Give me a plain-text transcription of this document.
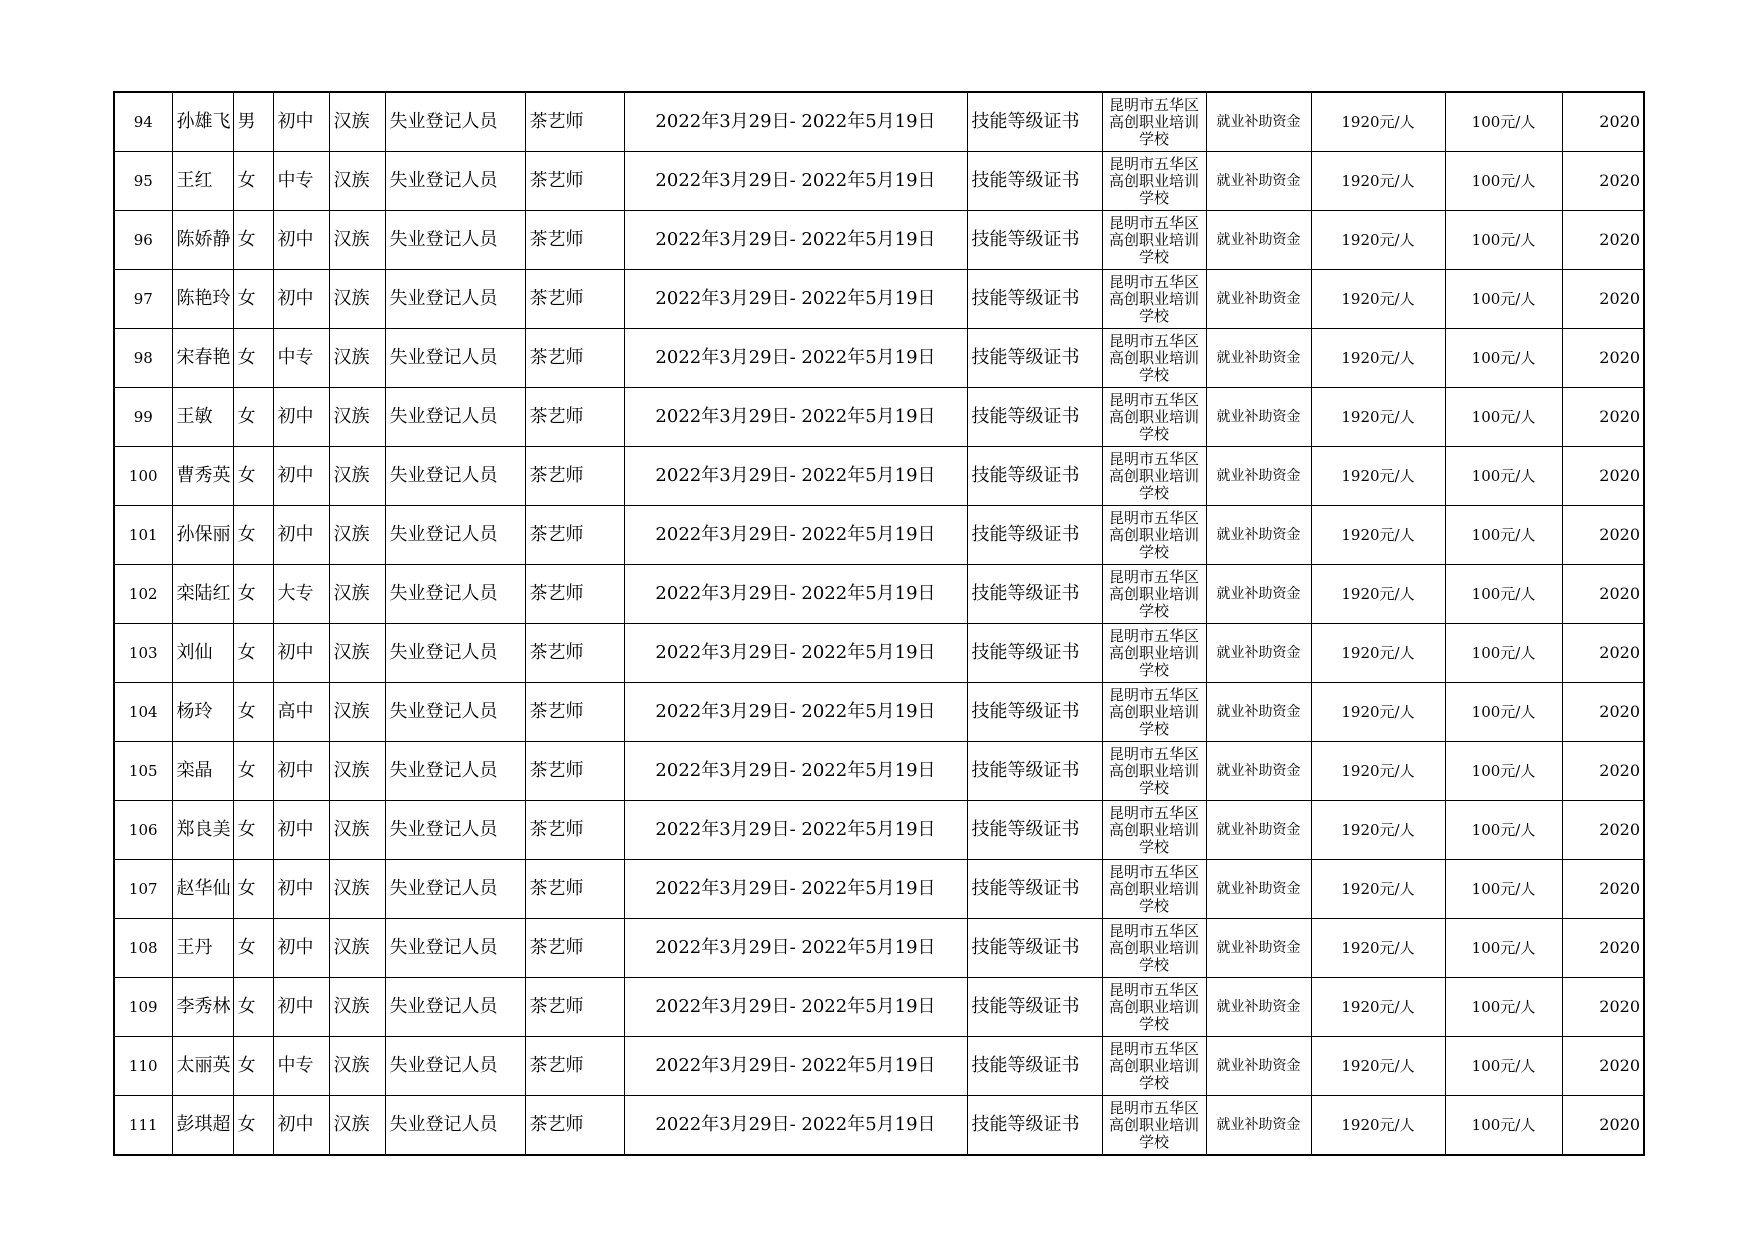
94	孙雄飞	男	初中	汉族	失业登记人员	茶艺师	2022年3月29日- 2022年5月19日	技能等级证书	昆明市五华区高创职业培训学校	就业补助资金	1920元/人	100元/人	2020
95	王红	女	中专	汉族	失业登记人员	茶艺师	2022年3月29日- 2022年5月19日	技能等级证书	昆明市五华区高创职业培训学校	就业补助资金	1920元/人	100元/人	2020
96	陈娇静	女	初中	汉族	失业登记人员	茶艺师	2022年3月29日- 2022年5月19日	技能等级证书	昆明市五华区高创职业培训学校	就业补助资金	1920元/人	100元/人	2020
97	陈艳玲	女	初中	汉族	失业登记人员	茶艺师	2022年3月29日- 2022年5月19日	技能等级证书	昆明市五华区高创职业培训学校	就业补助资金	1920元/人	100元/人	2020
98	宋春艳	女	中专	汉族	失业登记人员	茶艺师	2022年3月29日- 2022年5月19日	技能等级证书	昆明市五华区高创职业培训学校	就业补助资金	1920元/人	100元/人	2020
99	王敏	女	初中	汉族	失业登记人员	茶艺师	2022年3月29日- 2022年5月19日	技能等级证书	昆明市五华区高创职业培训学校	就业补助资金	1920元/人	100元/人	2020
100	曹秀英	女	初中	汉族	失业登记人员	茶艺师	2022年3月29日- 2022年5月19日	技能等级证书	昆明市五华区高创职业培训学校	就业补助资金	1920元/人	100元/人	2020
101	孙保丽	女	初中	汉族	失业登记人员	茶艺师	2022年3月29日- 2022年5月19日	技能等级证书	昆明市五华区高创职业培训学校	就业补助资金	1920元/人	100元/人	2020
102	栾陆红	女	大专	汉族	失业登记人员	茶艺师	2022年3月29日- 2022年5月19日	技能等级证书	昆明市五华区高创职业培训学校	就业补助资金	1920元/人	100元/人	2020
103	刘仙	女	初中	汉族	失业登记人员	茶艺师	2022年3月29日- 2022年5月19日	技能等级证书	昆明市五华区高创职业培训学校	就业补助资金	1920元/人	100元/人	2020
104	杨玲	女	高中	汉族	失业登记人员	茶艺师	2022年3月29日- 2022年5月19日	技能等级证书	昆明市五华区高创职业培训学校	就业补助资金	1920元/人	100元/人	2020
105	栾晶	女	初中	汉族	失业登记人员	茶艺师	2022年3月29日- 2022年5月19日	技能等级证书	昆明市五华区高创职业培训学校	就业补助资金	1920元/人	100元/人	2020
106	郑良美	女	初中	汉族	失业登记人员	茶艺师	2022年3月29日- 2022年5月19日	技能等级证书	昆明市五华区高创职业培训学校	就业补助资金	1920元/人	100元/人	2020
107	赵华仙	女	初中	汉族	失业登记人员	茶艺师	2022年3月29日- 2022年5月19日	技能等级证书	昆明市五华区高创职业培训学校	就业补助资金	1920元/人	100元/人	2020
108	王丹	女	初中	汉族	失业登记人员	茶艺师	2022年3月29日- 2022年5月19日	技能等级证书	昆明市五华区高创职业培训学校	就业补助资金	1920元/人	100元/人	2020
109	李秀林	女	初中	汉族	失业登记人员	茶艺师	2022年3月29日- 2022年5月19日	技能等级证书	昆明市五华区高创职业培训学校	就业补助资金	1920元/人	100元/人	2020
110	太丽英	女	中专	汉族	失业登记人员	茶艺师	2022年3月29日- 2022年5月19日	技能等级证书	昆明市五华区高创职业培训学校	就业补助资金	1920元/人	100元/人	2020
111	彭琪超	女	初中	汉族	失业登记人员	茶艺师	2022年3月29日- 2022年5月19日	技能等级证书	昆明市五华区高创职业培训学校	就业补助资金	1920元/人	100元/人	2020
